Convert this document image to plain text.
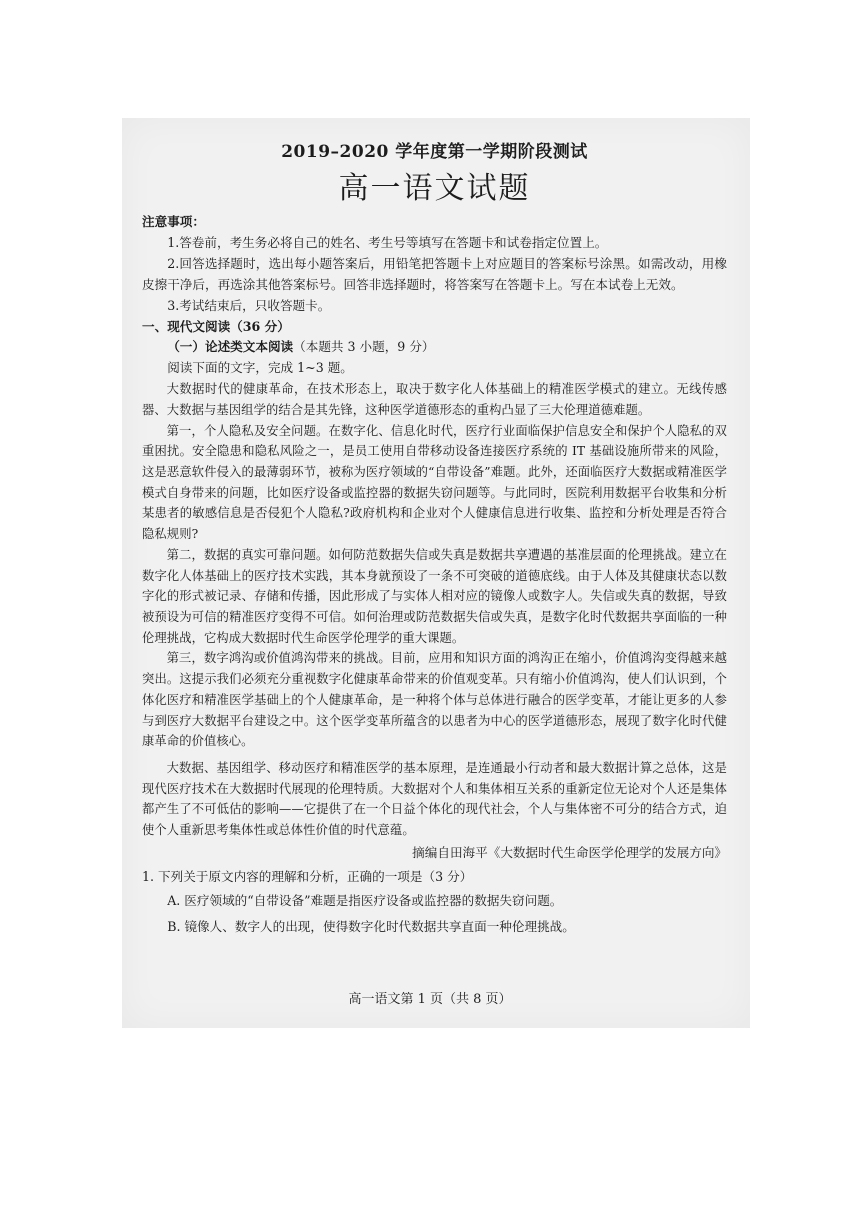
2019–2020 学年度第一学期阶段测试
高一语文试题
注意事项：

1.答卷前，考生务必将自己的姓名、考生号等填写在答题卡和试卷指定位置上。

2.回答选择题时，选出每小题答案后，用铅笔把答题卡上对应题目的答案标号涂黑。如需改动，用橡皮擦干净后，再选涂其他答案标号。回答非选择题时，将答案写在答题卡上。写在本试卷上无效。

3.考试结束后，只收答题卡。

一、现代文阅读（36 分）
（一）论述类文本阅读（本题共 3 小题，9 分）

阅读下面的文字，完成 1~3 题。

大数据时代的健康革命，在技术形态上，取决于数字化人体基础上的精准医学模式的建立。无线传感器、大数据与基因组学的结合是其先锋，这种医学道德形态的重构凸显了三大伦理道德难题。

第一，个人隐私及安全问题。在数字化、信息化时代，医疗行业面临保护信息安全和保护个人隐私的双重困扰。安全隐患和隐私风险之一，是员工使用自带移动设备连接医疗系统的 IT 基础设施所带来的风险，这是恶意软件侵入的最薄弱环节，被称为医疗领域的“自带设备”难题。此外，还面临医疗大数据或精准医学模式自身带来的问题，比如医疗设备或监控器的数据失窃问题等。与此同时，医院利用数据平台收集和分析某患者的敏感信息是否侵犯个人隐私?政府机构和企业对个人健康信息进行收集、监控和分析处理是否符合隐私规则?

第二，数据的真实可靠问题。如何防范数据失信或失真是数据共享遭遇的基准层面的伦理挑战。建立在数字化人体基础上的医疗技术实践，其本身就预设了一条不可突破的道德底线。由于人体及其健康状态以数字化的形式被记录、存储和传播，因此形成了与实体人相对应的镜像人或数字人。失信或失真的数据，导致被预设为可信的精准医疗变得不可信。如何治理或防范数据失信或失真，是数字化时代数据共享面临的一种伦理挑战，它构成大数据时代生命医学伦理学的重大课题。

第三，数字鸿沟或价值鸿沟带来的挑战。目前，应用和知识方面的鸿沟正在缩小，价值鸿沟变得越来越突出。这提示我们必须充分重视数字化健康革命带来的价值观变革。只有缩小价值鸿沟，使人们认识到，个体化医疗和精准医学基础上的个人健康革命，是一种将个体与总体进行融合的医学变革，才能让更多的人参与到医疗大数据平台建设之中。这个医学变革所蕴含的以患者为中心的医学道德形态，展现了数字化时代健康革命的价值核心。

大数据、基因组学、移动医疗和精准医学的基本原理，是连通最小行动者和最大数据计算之总体，这是现代医疗技术在大数据时代展现的伦理特质。大数据对个人和集体相互关系的重新定位无论对个人还是集体都产生了不可低估的影响——它提供了在一个日益个体化的现代社会，个人与集体密不可分的结合方式，迫使个人重新思考集体性或总体性价值的时代意蕴。

摘编自田海平《大数据时代生命医学伦理学的发展方向》
1. 下列关于原文内容的理解和分析，正确的一项是（3 分）
A. 医疗领域的“自带设备”难题是指医疗设备或监控器的数据失窃问题。
B. 镜像人、数字人的出现，使得数字化时代数据共享直面一种伦理挑战。
高一语文第 1 页（共 8 页）
